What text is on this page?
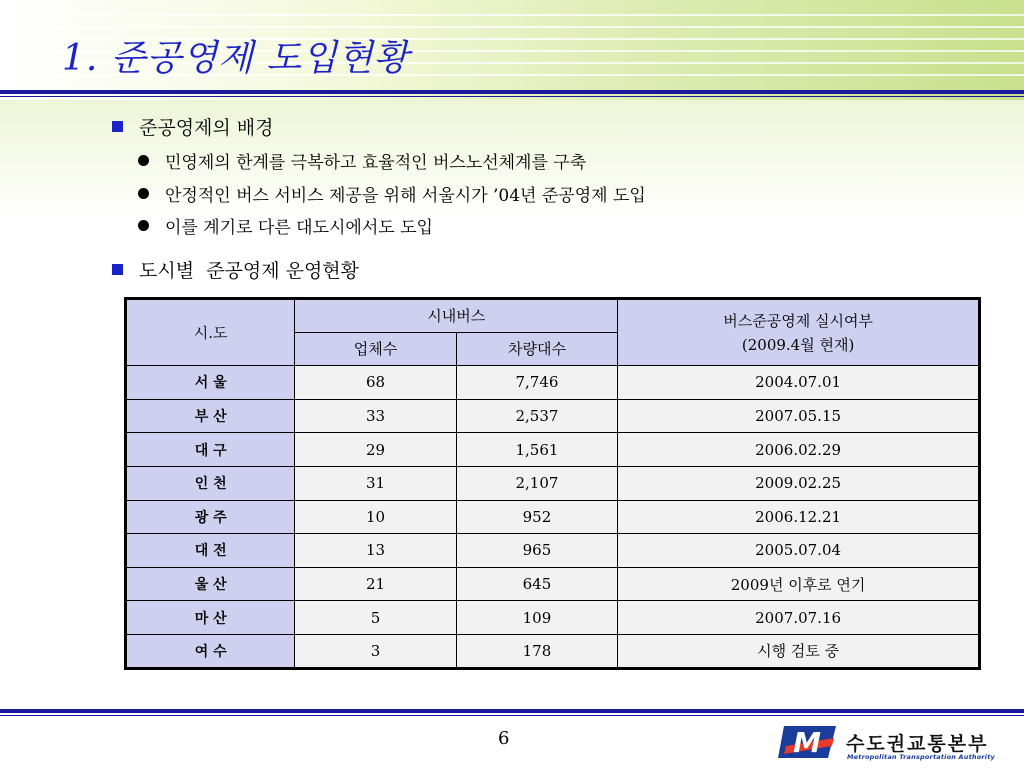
1. 준공영제 도입현황
준공영제의 배경
민영제의 한계를 극복하고 효율적인 버스노선체계를 구축
안정적인 버스 서비스 제공을 위해 서울시가 ’04년 준공영제 도입
이를 계기로 다른 대도시에서도 도입
도시별  준공영제 운영현황
시.도	시내버스		버스준공영제 실시여부
(2009.4월 현재)
	업체수	차량대수	
서 울	68	7,746	2004.07.01
부 산	33	2,537	2007.05.15
대 구	29	1,561	2006.02.29
인 천	31	2,107	2009.02.25
광 주	10	952	2006.12.21
대 전	13	965	2005.07.04
울 산	21	645	2009년 이후로 연기
마 산	5	109	2007.07.16
여 수	3	178	시행 검토 중
6	M 수도권교통본부
Metropolitan Transportation Authority
